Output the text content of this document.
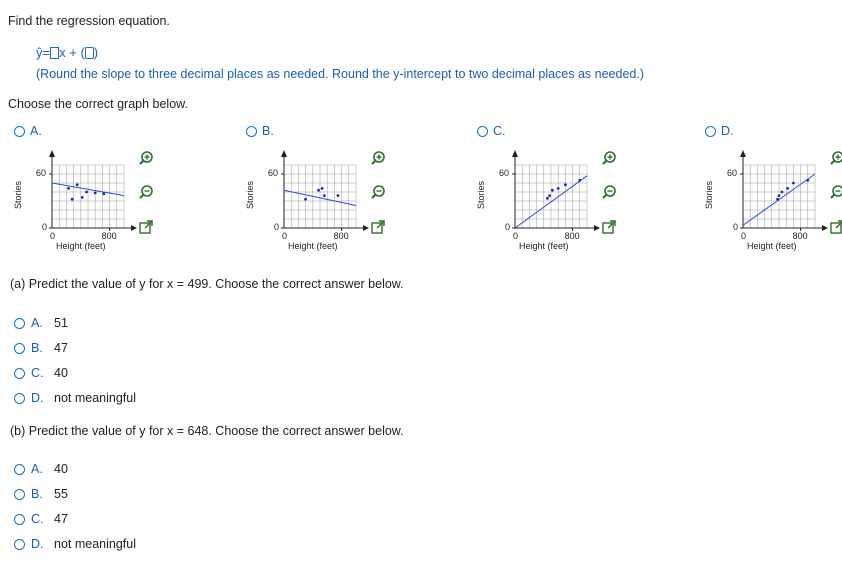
Find the regression equation.
ŷ= x + ( )
(Round the slope to three decimal places as needed. Round the y-intercept to two decimal places as needed.)
Choose the correct graph below.
A.
60
0
0	800
Height (feet)
Stories
B.
60
0
0	800
Height (feet)
Stories
C.
60
0
0	800
Height (feet)
Stories
D.
60
0
0	800
Height (feet)
Stories
(a) Predict the value of y for x = 499. Choose the correct answer below.
A. 51
B. 47
C. 40
D. not meaningful
(b) Predict the value of y for x = 648. Choose the correct answer below.
A. 40
B. 55
C. 47
D. not meaningful
